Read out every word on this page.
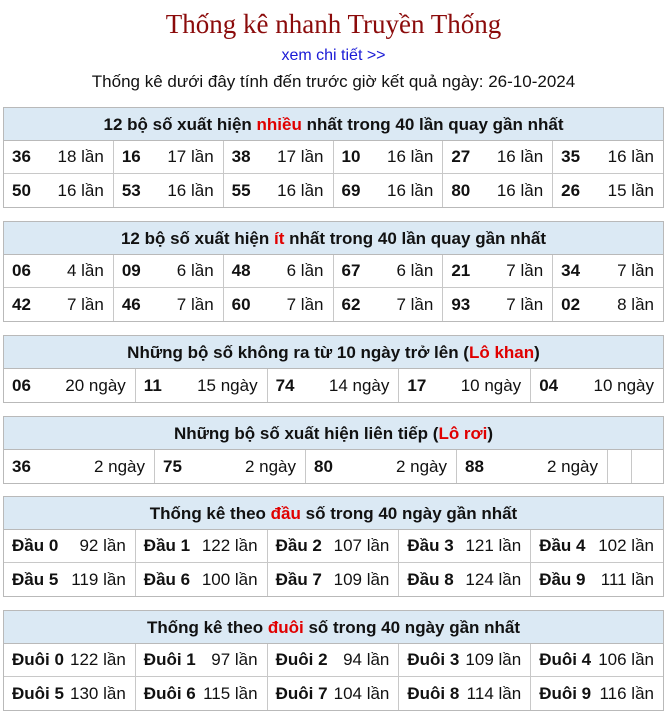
Thống kê nhanh Truyền Thống
xem chi tiết >>
Thống kê dưới đây tính đến trước giờ kết quả ngày: 26-10-2024
12 bộ số xuất hiện nhiều nhất trong 40 lần quay gần nhất
36 18 lần 16 17 lần 38 17 lần 10 16 lần 27 16 lần 35 16 lần
50 16 lần 53 16 lần 55 16 lần 69 16 lần 80 16 lần 26 15 lần
12 bộ số xuất hiện ít nhất trong 40 lần quay gần nhất
06 4 lần 09 6 lần 48 6 lần 67 6 lần 21 7 lần 34 7 lần
42 7 lần 46 7 lần 60 7 lần 62 7 lần 93 7 lần 02 8 lần
Những bộ số không ra từ 10 ngày trở lên (Lô khan)
06 20 ngày 11 15 ngày 74 14 ngày 17 10 ngày 04 10 ngày
Những bộ số xuất hiện liên tiếp (Lô rơi)
36	2 ngày 75	2 ngày 80	2 ngày 88	2 ngày
Thống kê theo đầu số trong 40 ngày gần nhất
Đầu 0 92 lần Đầu 1 122 lần Đầu 2 107 lần Đầu 3 121 lần Đầu 4 102 lần
Đầu 5 119 lần Đầu 6 100 lần Đầu 7 109 lần Đầu 8 124 lần Đầu 9 111 lần
Thống kê theo đuôi số trong 40 ngày gần nhất
Đuôi 0 122 lần Đuôi 1 97 lần Đuôi 2 94 lần Đuôi 3 109 lần Đuôi 4 106 lần
Đuôi 5 130 lần Đuôi 6 115 lần Đuôi 7 104 lần Đuôi 8 114 lần Đuôi 9 116 lần
